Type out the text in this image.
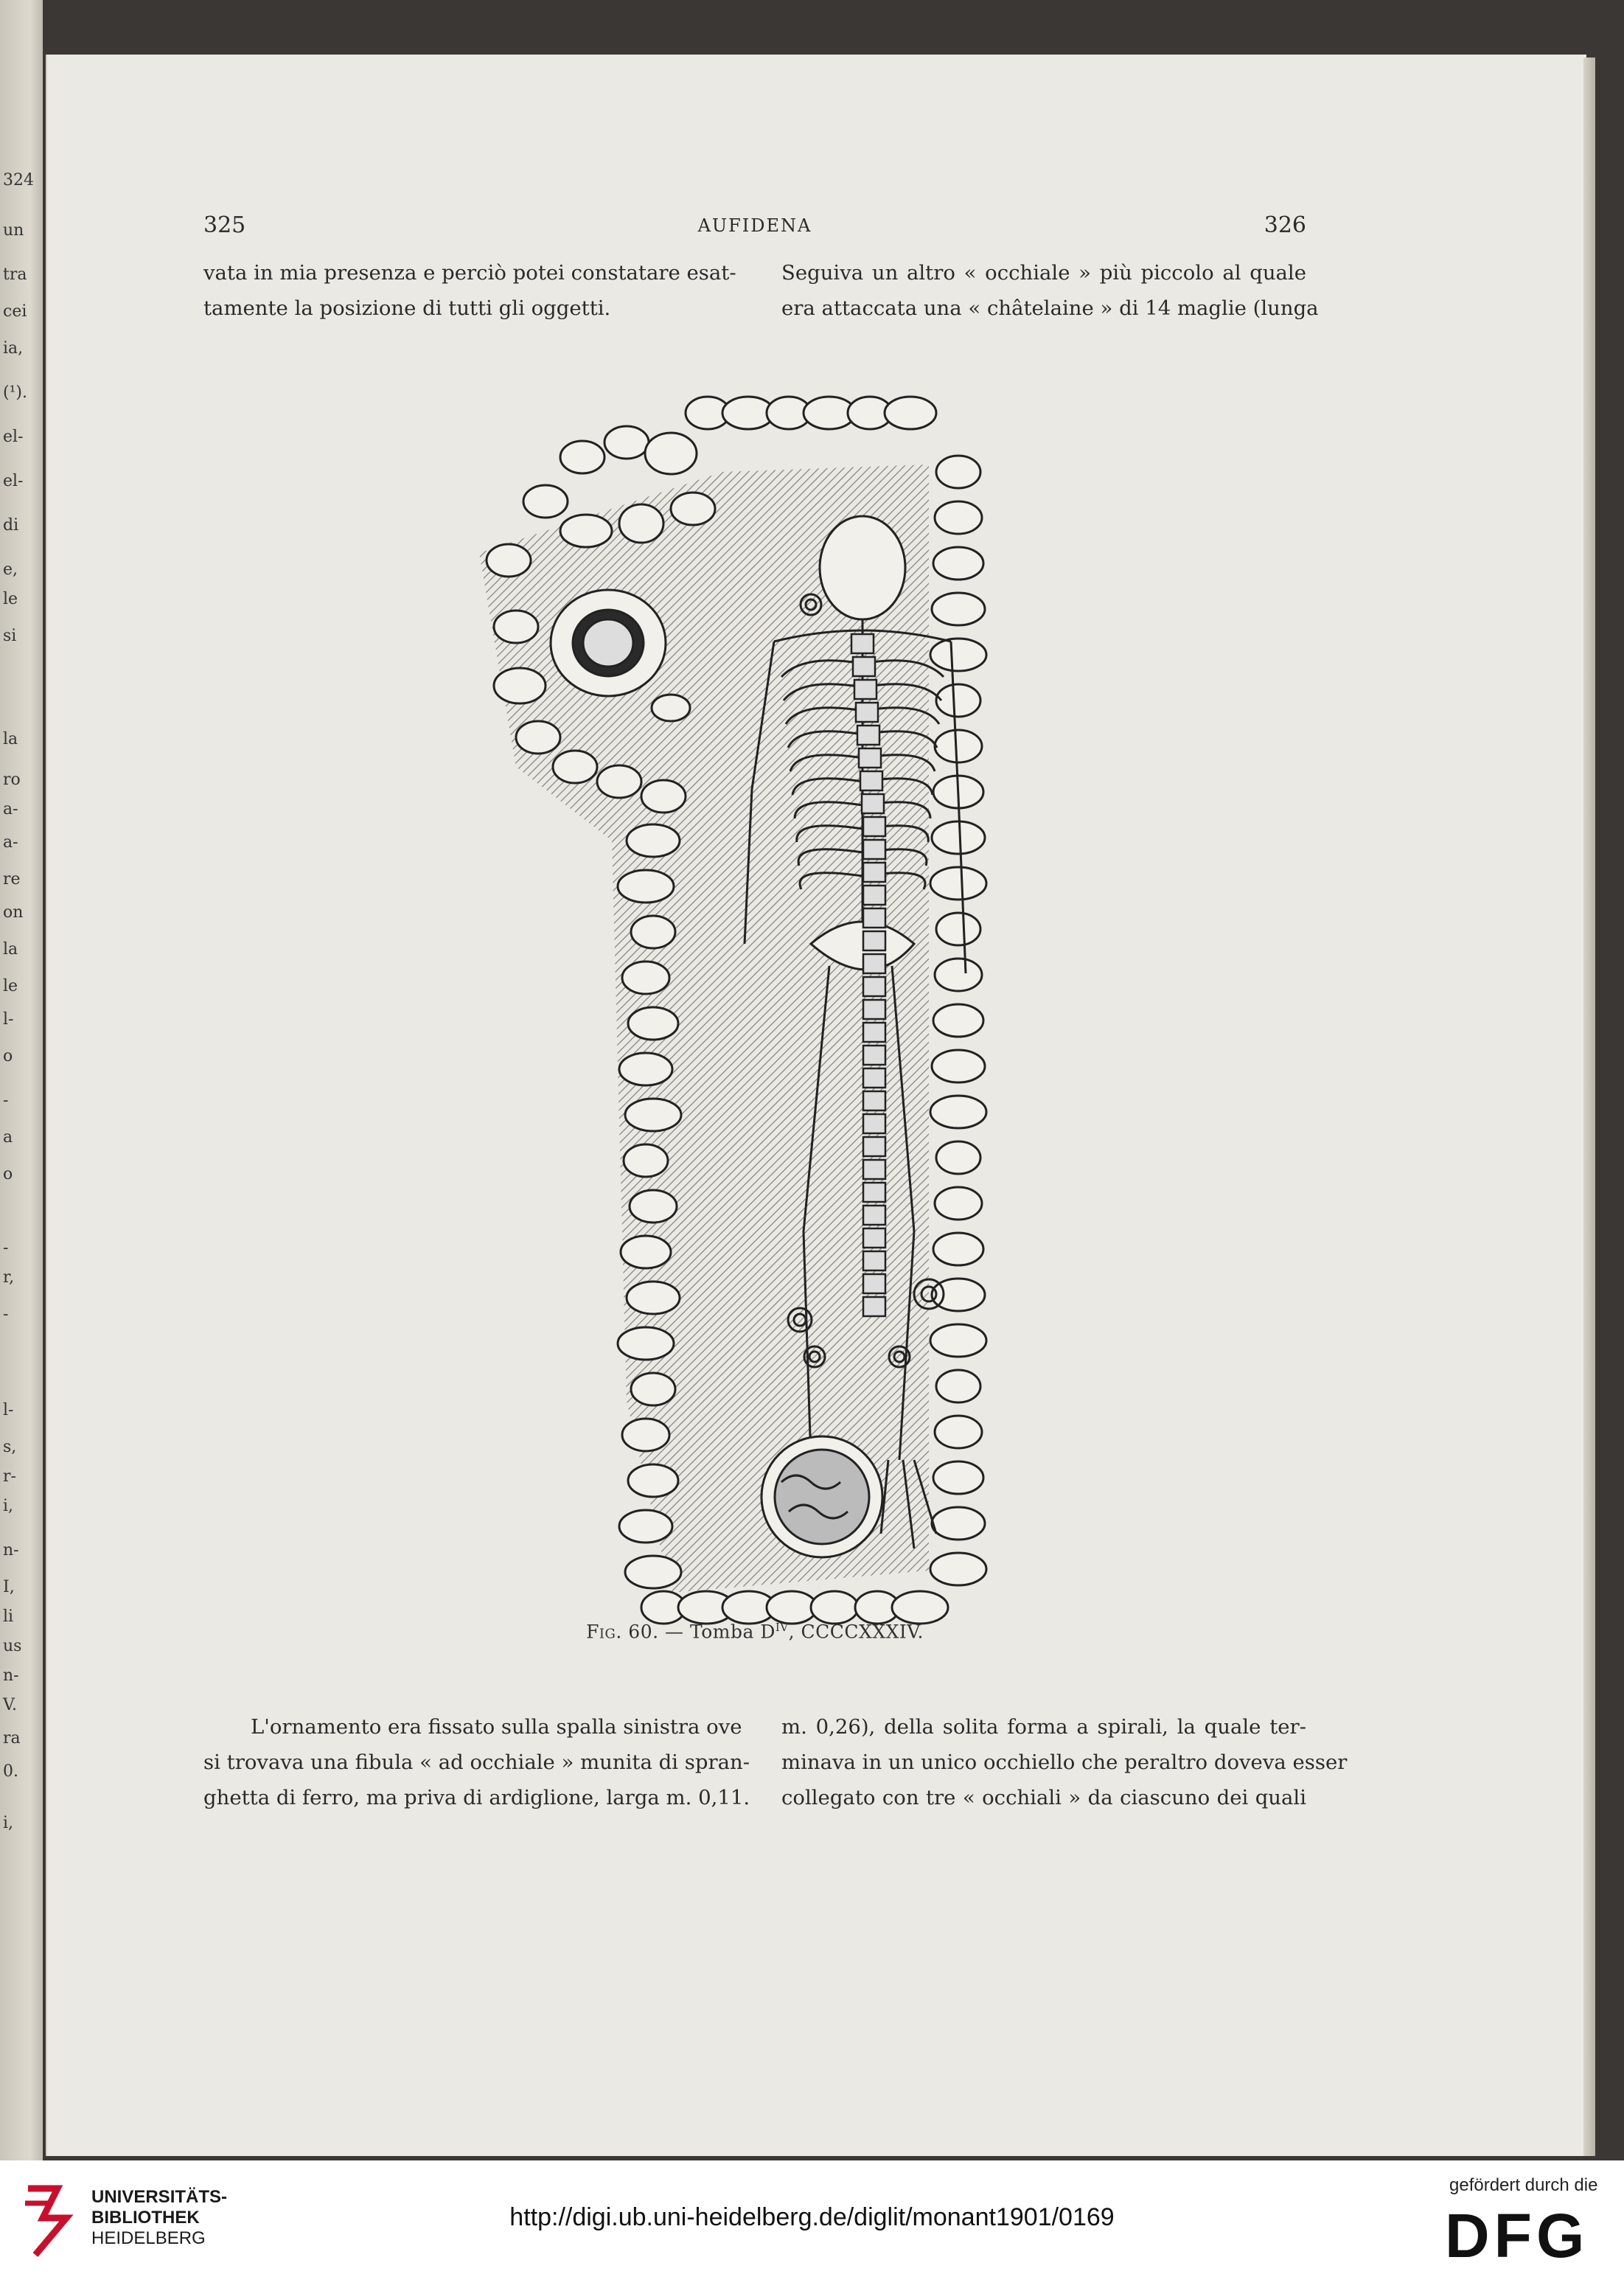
324
un
tra
cei
ia,
(¹).
el-
el-
di
e,
le
si
la
ro
a-
a-
re
on
la
le
l-
o
-
a
o
-
r,
-
l-
s,
r-
i,
n-
I,
li
us
n-
V.
ra
0.
i,
325	AUFIDENA	326

vata in mia presenza e perciò potei constatare esat-

tamente la posizione di tutti gli oggetti.

Seguiva un altro « occhiale » più piccolo al quale

era attaccata una « châtelaine » di 14 maglie (lunga

Fig. 60. — Tomba $D^{IV}$, CCCCXXXIV.

L'ornamento era fissato sulla spalla sinistra ove

si trovava una fibula « ad occhiale » munita di spran-

ghetta di ferro, ma priva di ardiglione, larga m. 0,11.

m. 0,26), della solita forma a spirali, la quale ter-

minava in un unico occhiello che peraltro doveva esser

collegato con tre « occhiali » da ciascuno dei quali

UNIVERSITÄTS-
BIBLIOTHEK
HEIDELBERG
http://digi.ub.uni-heidelberg.de/diglit/monant1901/0169
gefördert durch die
DFG
